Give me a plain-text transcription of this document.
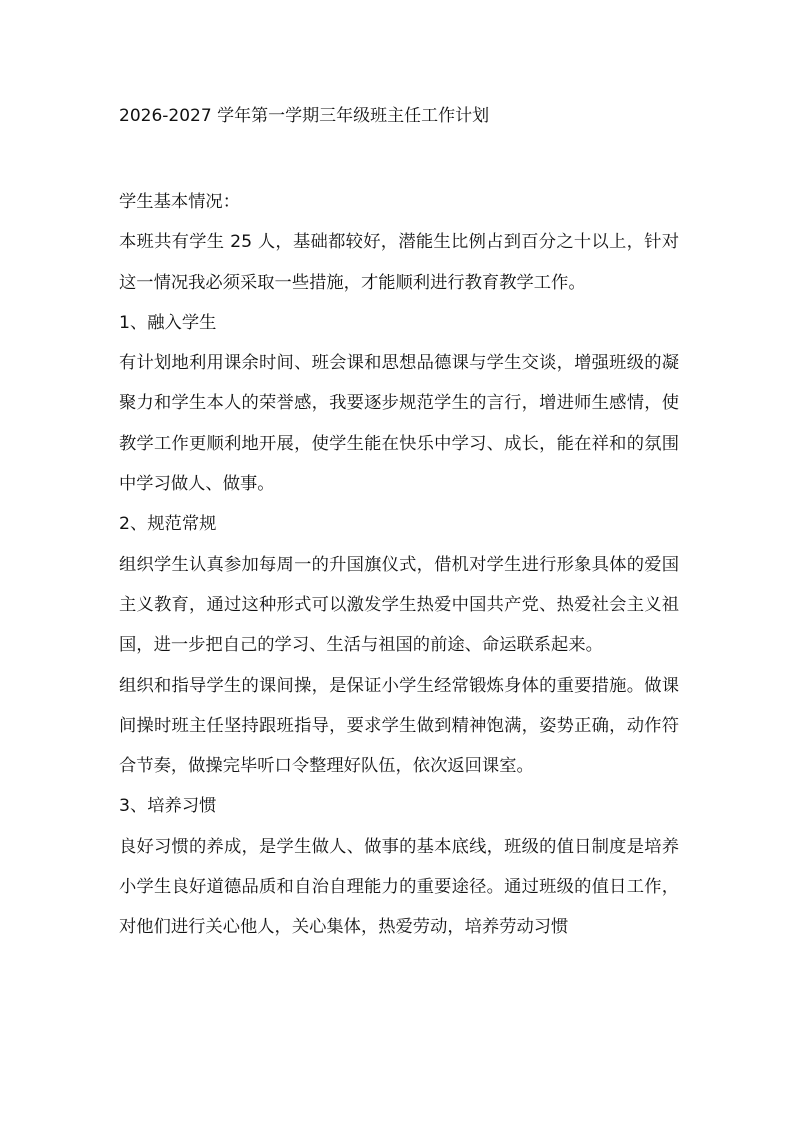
2026-2027 学年第一学期三年级班主任工作计划

学生基本情况：

本班共有学生 25 人，基础都较好，潜能生比例占到百分之十以上，针对这一情况我必须采取一些措施，才能顺利进行教育教学工作。

1、融入学生

有计划地利用课余时间、班会课和思想品德课与学生交谈，增强班级的凝聚力和学生本人的荣誉感，我要逐步规范学生的言行，增进师生感情，使教学工作更顺利地开展，使学生能在快乐中学习、成长，能在祥和的氛围中学习做人、做事。

2、规范常规

组织学生认真参加每周一的升国旗仪式，借机对学生进行形象具体的爱国主义教育，通过这种形式可以激发学生热爱中国共产党、热爱社会主义祖国，进一步把自己的学习、生活与祖国的前途、命运联系起来。

组织和指导学生的课间操，是保证小学生经常锻炼身体的重要措施。做课间操时班主任坚持跟班指导，要求学生做到精神饱满，姿势正确，动作符合节奏，做操完毕听口令整理好队伍，依次返回课室。

3、培养习惯

良好习惯的养成，是学生做人、做事的基本底线，班级的值日制度是培养小学生良好道德品质和自治自理能力的重要途径。通过班级的值日工作，对他们进行关心他人，关心集体，热爱劳动，培养劳动习惯
